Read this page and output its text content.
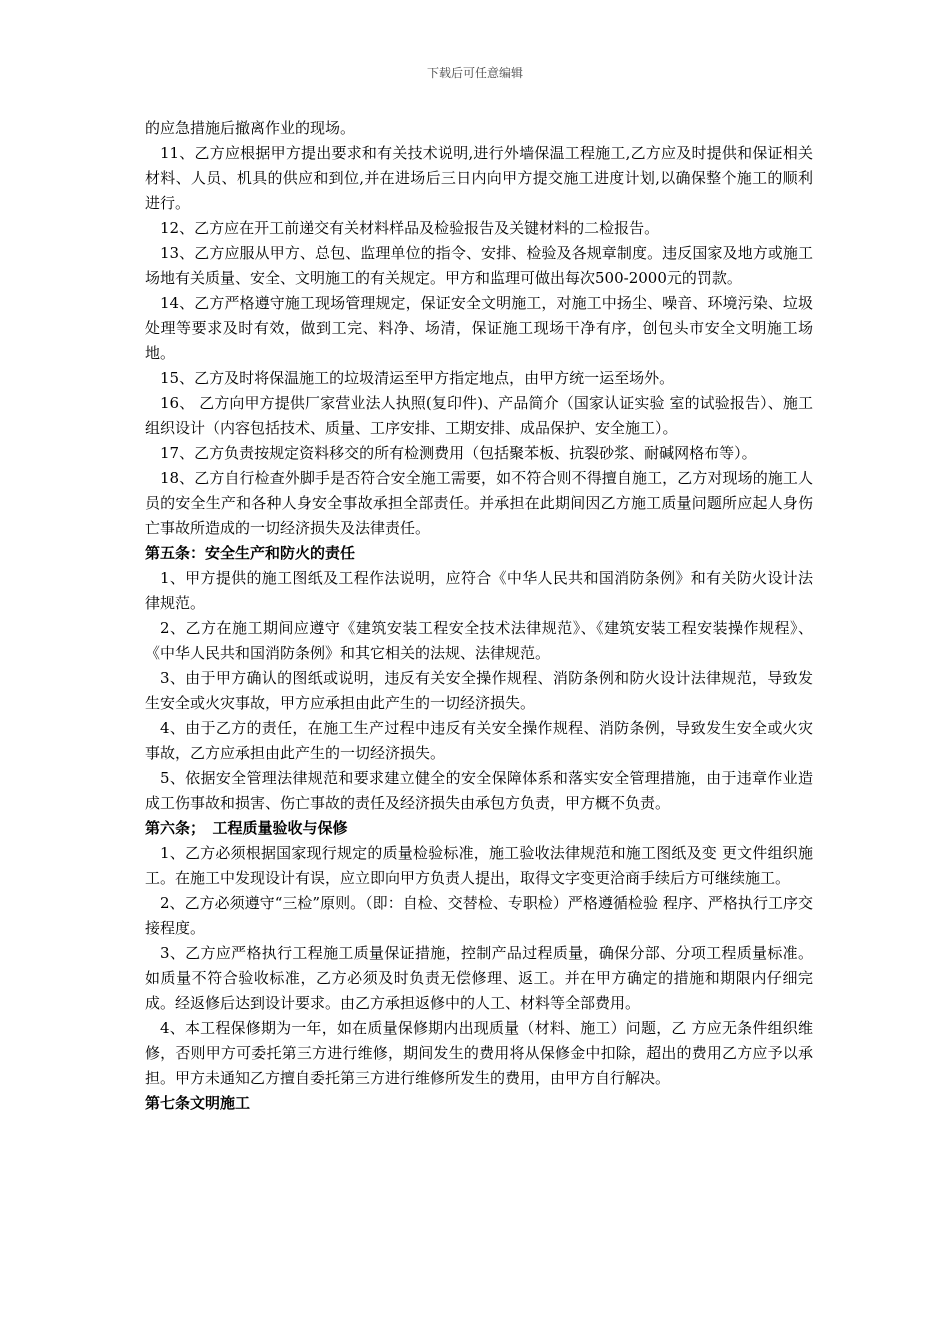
下载后可任意编辑

的应急措施后撤离作业的现场。

11、乙方应根据甲方提出要求和有关技术说明,进行外墙保温工程施工,乙方应及时提供和保证相关材料、人员、机具的供应和到位,并在进场后三日内向甲方提交施工进度计划,以确保整个施工的顺利进行。

12、乙方应在开工前递交有关材料样品及检验报告及关键材料的二检报告。

13、乙方应服从甲方、总包、监理单位的指令、安排、检验及各规章制度。违反国家及地方或施工场地有关质量、安全、文明施工的有关规定。甲方和监理可做出每次500-2000元的罚款。

14、乙方严格遵守施工现场管理规定，保证安全文明施工，对施工中扬尘、噪音、环境污染、垃圾处理等要求及时有效，做到工完、料净、场清，保证施工现场干净有序，创包头市安全文明施工场地。

15、乙方及时将保温施工的垃圾清运至甲方指定地点，由甲方统一运至场外。

16、 乙方向甲方提供厂家营业法人执照(复印件)、产品简介（国家认证实验 室的试验报告）、施工组织设计（内容包括技术、质量、工序安排、工期安排、成品保护、安全施工）。

17、乙方负责按规定资料移交的所有检测费用（包括聚苯板、抗裂砂浆、耐碱网格布等）。

18、乙方自行检查外脚手是否符合安全施工需要，如不符合则不得擅自施工，乙方对现场的施工人员的安全生产和各种人身安全事故承担全部责任。并承担在此期间因乙方施工质量问题所应起人身伤亡事故所造成的一切经济损失及法律责任。

第五条：安全生产和防火的责任

1、甲方提供的施工图纸及工程作法说明，应符合《中华人民共和国消防条例》和有关防火设计法律规范。

2、乙方在施工期间应遵守《建筑安装工程安全技术法律规范》、《建筑安装工程安装操作规程》、《中华人民共和国消防条例》和其它相关的法规、法律规范。

3、由于甲方确认的图纸或说明，违反有关安全操作规程、消防条例和防火设计法律规范，导致发生安全或火灾事故，甲方应承担由此产生的一切经济损失。

4、由于乙方的责任，在施工生产过程中违反有关安全操作规程、消防条例，导致发生安全或火灾事故，乙方应承担由此产生的一切经济损失。

5、依据安全管理法律规范和要求建立健全的安全保障体系和落实安全管理措施，由于违章作业造成工伤事故和损害、伤亡事故的责任及经济损失由承包方负责，甲方概不负责。

第六条；　工程质量验收与保修

1、乙方必须根据国家现行规定的质量检验标准，施工验收法律规范和施工图纸及变 更文件组织施工。在施工中发现设计有误，应立即向甲方负责人提出，取得文字变更洽商手续后方可继续施工。

2、乙方必须遵守“三检”原则。（即：自检、交替检、专职检）严格遵循检验 程序、严格执行工序交接程度。

3、乙方应严格执行工程施工质量保证措施，控制产品过程质量，确保分部、分项工程质量标准。如质量不符合验收标准，乙方必须及时负责无偿修理、返工。并在甲方确定的措施和期限内仔细完成。经返修后达到设计要求。由乙方承担返修中的人工、材料等全部费用。

4、本工程保修期为一年，如在质量保修期内出现质量（材料、施工）问题，乙 方应无条件组织维修，否则甲方可委托第三方进行维修，期间发生的费用将从保修金中扣除，超出的费用乙方应予以承担。甲方未通知乙方擅自委托第三方进行维修所发生的费用，由甲方自行解决。

第七条文明施工
